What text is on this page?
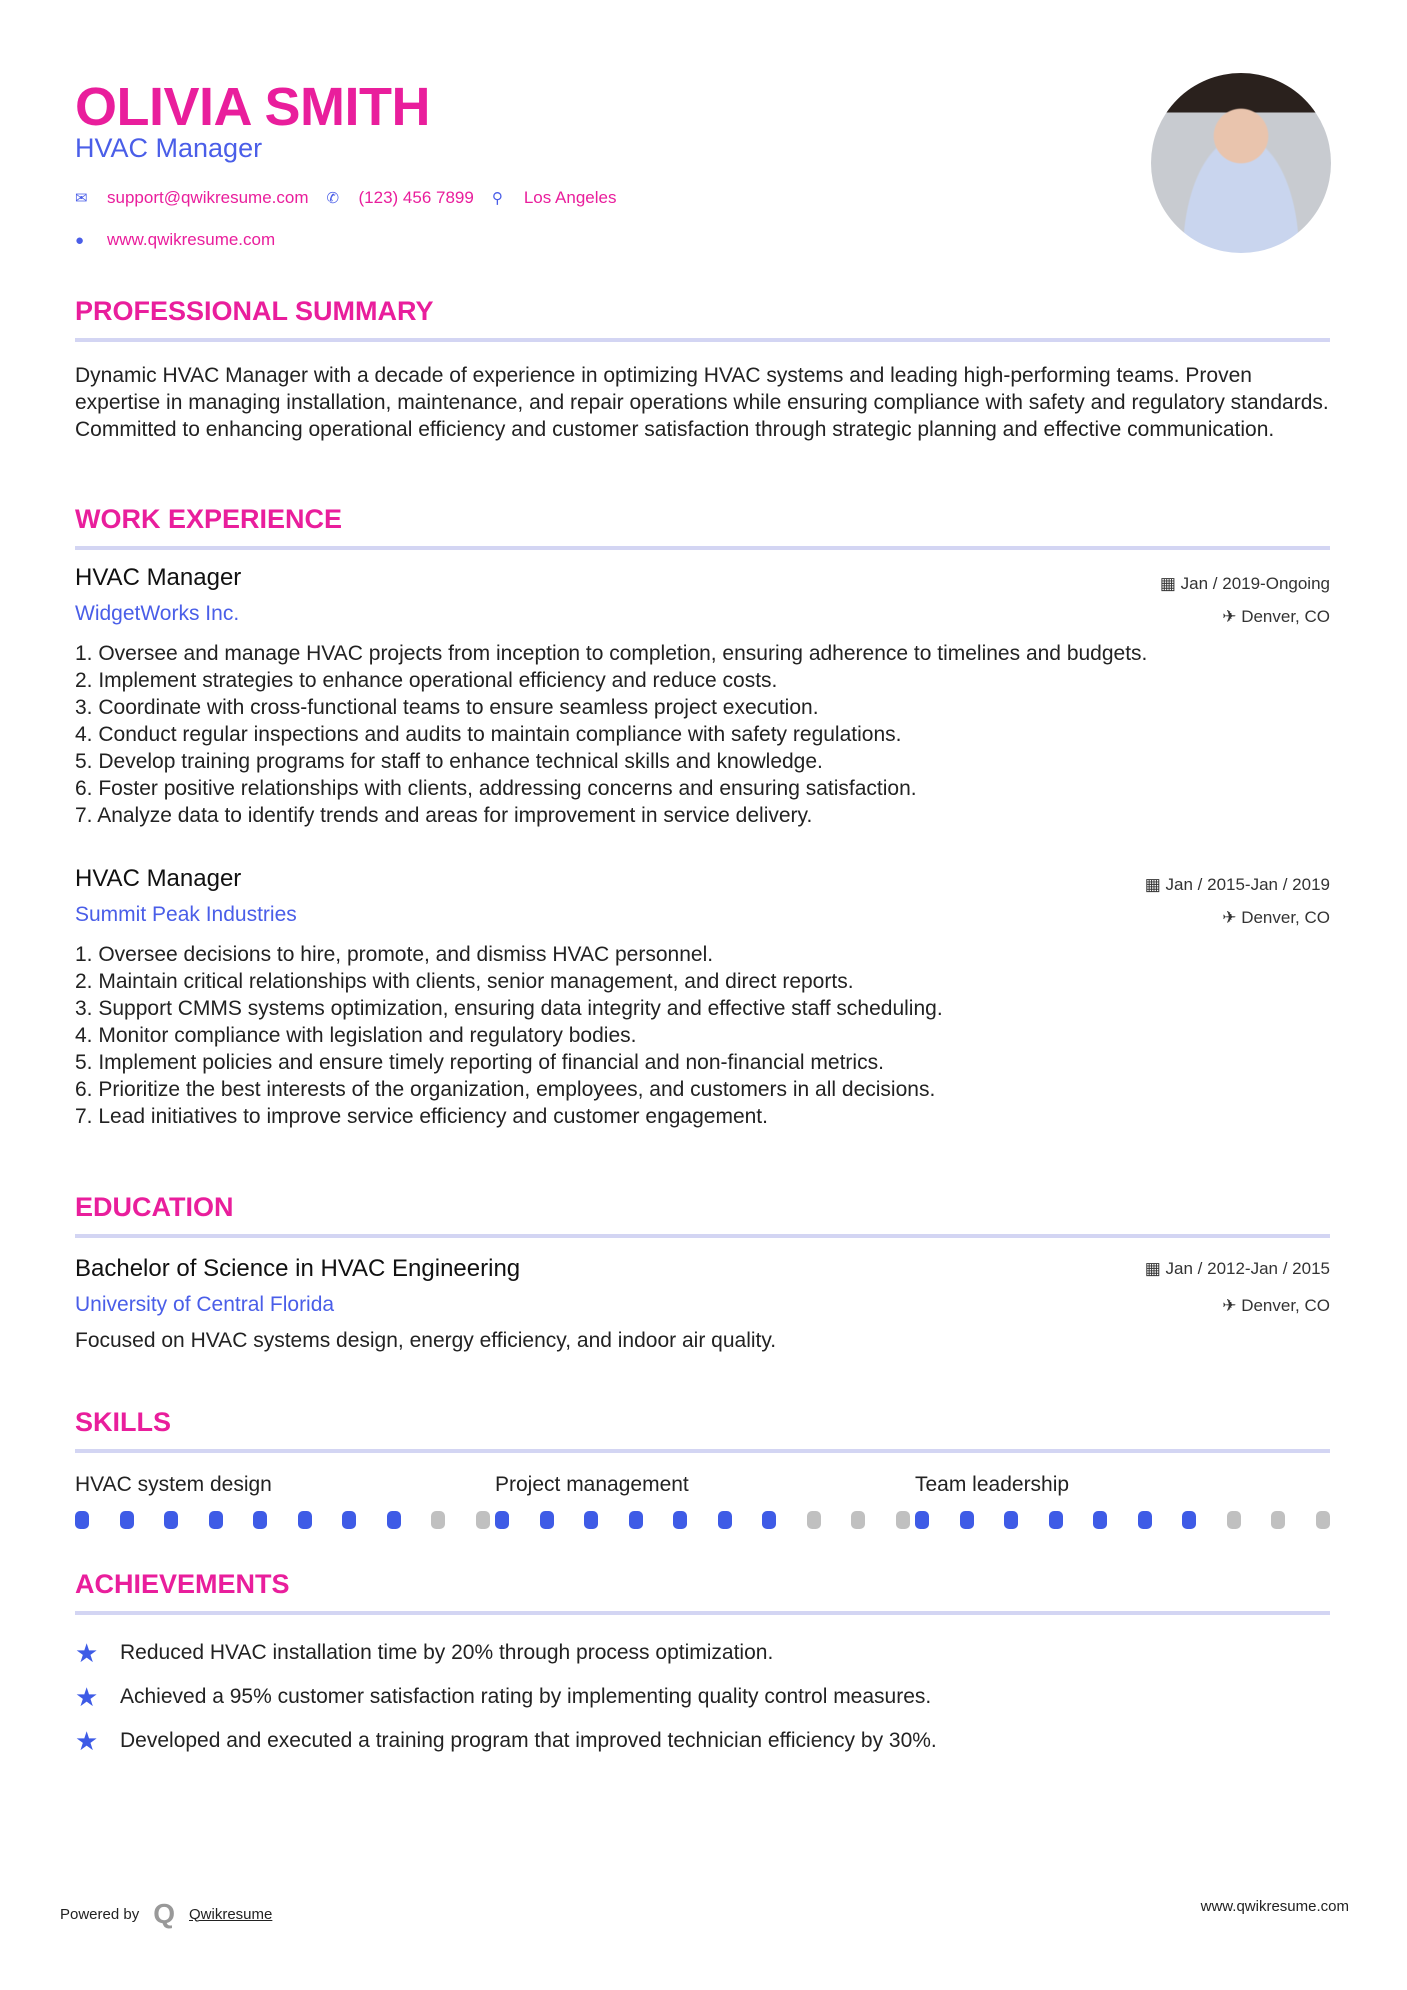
OLIVIA SMITH
HVAC Manager
✉	support@qwikresume.com ✆	(123) 456 7899 ⚲	Los Angeles
●	www.qwikresume.com
PROFESSIONAL SUMMARY
Dynamic HVAC Manager with a decade of experience in optimizing HVAC systems and leading high-performing teams. Proven expertise in managing installation, maintenance, and repair operations while ensuring compliance with safety and regulatory standards. Committed to enhancing operational efficiency and customer satisfaction through strategic planning and effective communication.
WORK EXPERIENCE
HVAC Manager	▦ Jan / 2019-Ongoing
✈ Denver, CO
WidgetWorks Inc.
1. Oversee and manage HVAC projects from inception to completion, ensuring adherence to timelines and budgets.
2. Implement strategies to enhance operational efficiency and reduce costs.
3. Coordinate with cross-functional teams to ensure seamless project execution.
4. Conduct regular inspections and audits to maintain compliance with safety regulations.
5. Develop training programs for staff to enhance technical skills and knowledge.
6. Foster positive relationships with clients, addressing concerns and ensuring satisfaction.
7. Analyze data to identify trends and areas for improvement in service delivery.
HVAC Manager	▦ Jan / 2015-Jan / 2019
✈ Denver, CO
Summit Peak Industries
1. Oversee decisions to hire, promote, and dismiss HVAC personnel.
2. Maintain critical relationships with clients, senior management, and direct reports.
3. Support CMMS systems optimization, ensuring data integrity and effective staff scheduling.
4. Monitor compliance with legislation and regulatory bodies.
5. Implement policies and ensure timely reporting of financial and non-financial metrics.
6. Prioritize the best interests of the organization, employees, and customers in all decisions.
7. Lead initiatives to improve service efficiency and customer engagement.
EDUCATION
Bachelor of Science in HVAC Engineering	▦ Jan / 2012-Jan / 2015
✈ Denver, CO
University of Central Florida
Focused on HVAC systems design, energy efficiency, and indoor air quality.
SKILLS
HVAC system design	Project management	Team leadership
ACHIEVEMENTS
★	Reduced HVAC installation time by 20% through process optimization.
★	Achieved a 95% customer satisfaction rating by implementing quality control measures.
★	Developed and executed a training program that improved technician efficiency by 30%.
Powered by Q Qwikresume	www.qwikresume.com
